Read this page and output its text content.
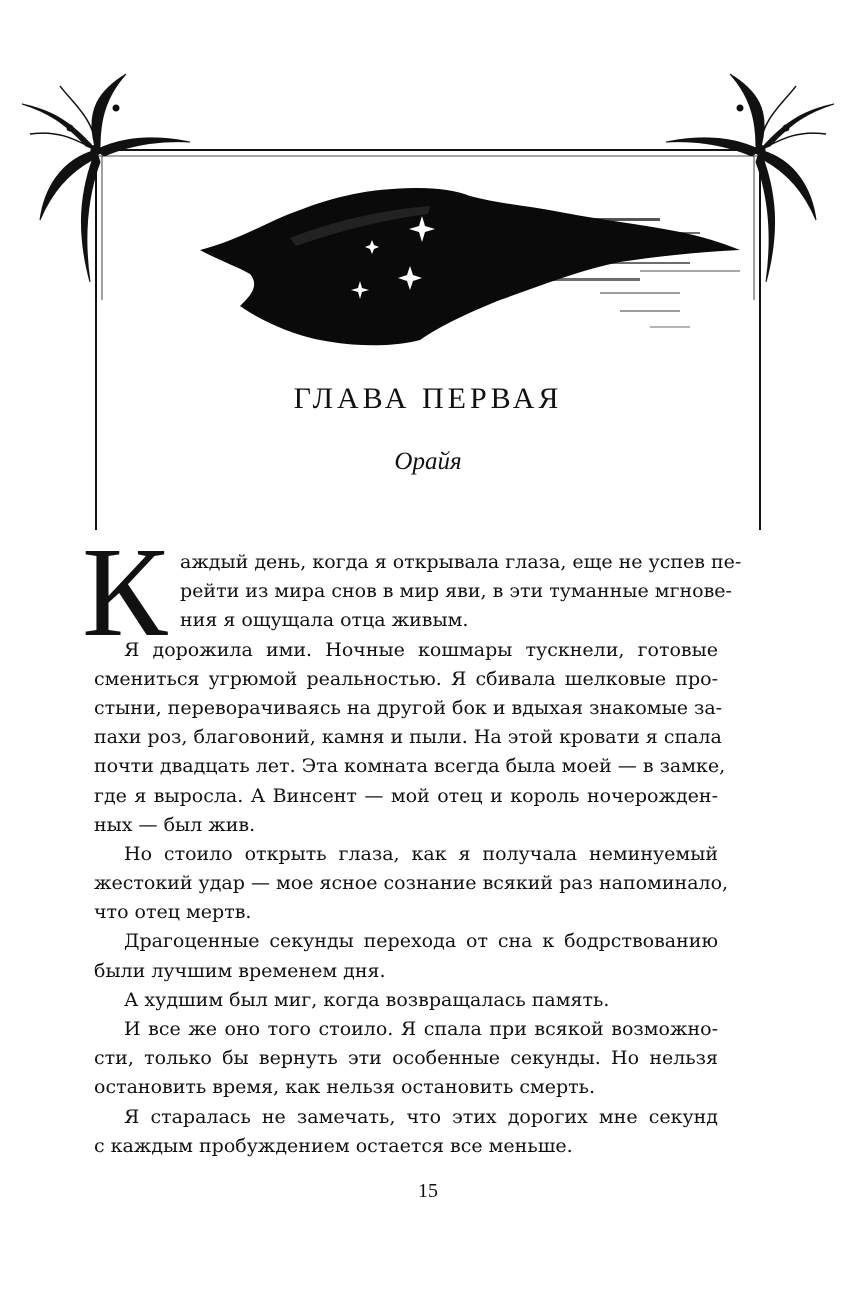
ГЛАВА ПЕРВАЯ
Орайя
К аждый день, когда я открывала глаза, еще не успев пе-
рейти из мира снов в мир яви, в эти туманные мгнове-
ния я ощущала отца живым.
Я дорожила ими. Ночные кошмары тускнели, готовые
смениться угрюмой реальностью. Я сбивала шелковые про-
стыни, переворачиваясь на другой бок и вдыхая знакомые за-
пахи роз, благовоний, камня и пыли. На этой кровати я спала
почти двадцать лет. Эта комната всегда была моей — в замке,
где я выросла. А Винсент — мой отец и король ночерожден-
ных — был жив.
Но стоило открыть глаза, как я получала неминуемый
жестокий удар — мое ясное сознание всякий раз напоминало,
что отец мертв.
Драгоценные секунды перехода от сна к бодрствованию
были лучшим временем дня.
А худшим был миг, когда возвращалась память.
И все же оно того стоило. Я спала при всякой возможно-
сти, только бы вернуть эти особенные секунды. Но нельзя
остановить время, как нельзя остановить смерть.
Я старалась не замечать, что этих дорогих мне секунд
с каждым пробуждением остается все меньше.
15
